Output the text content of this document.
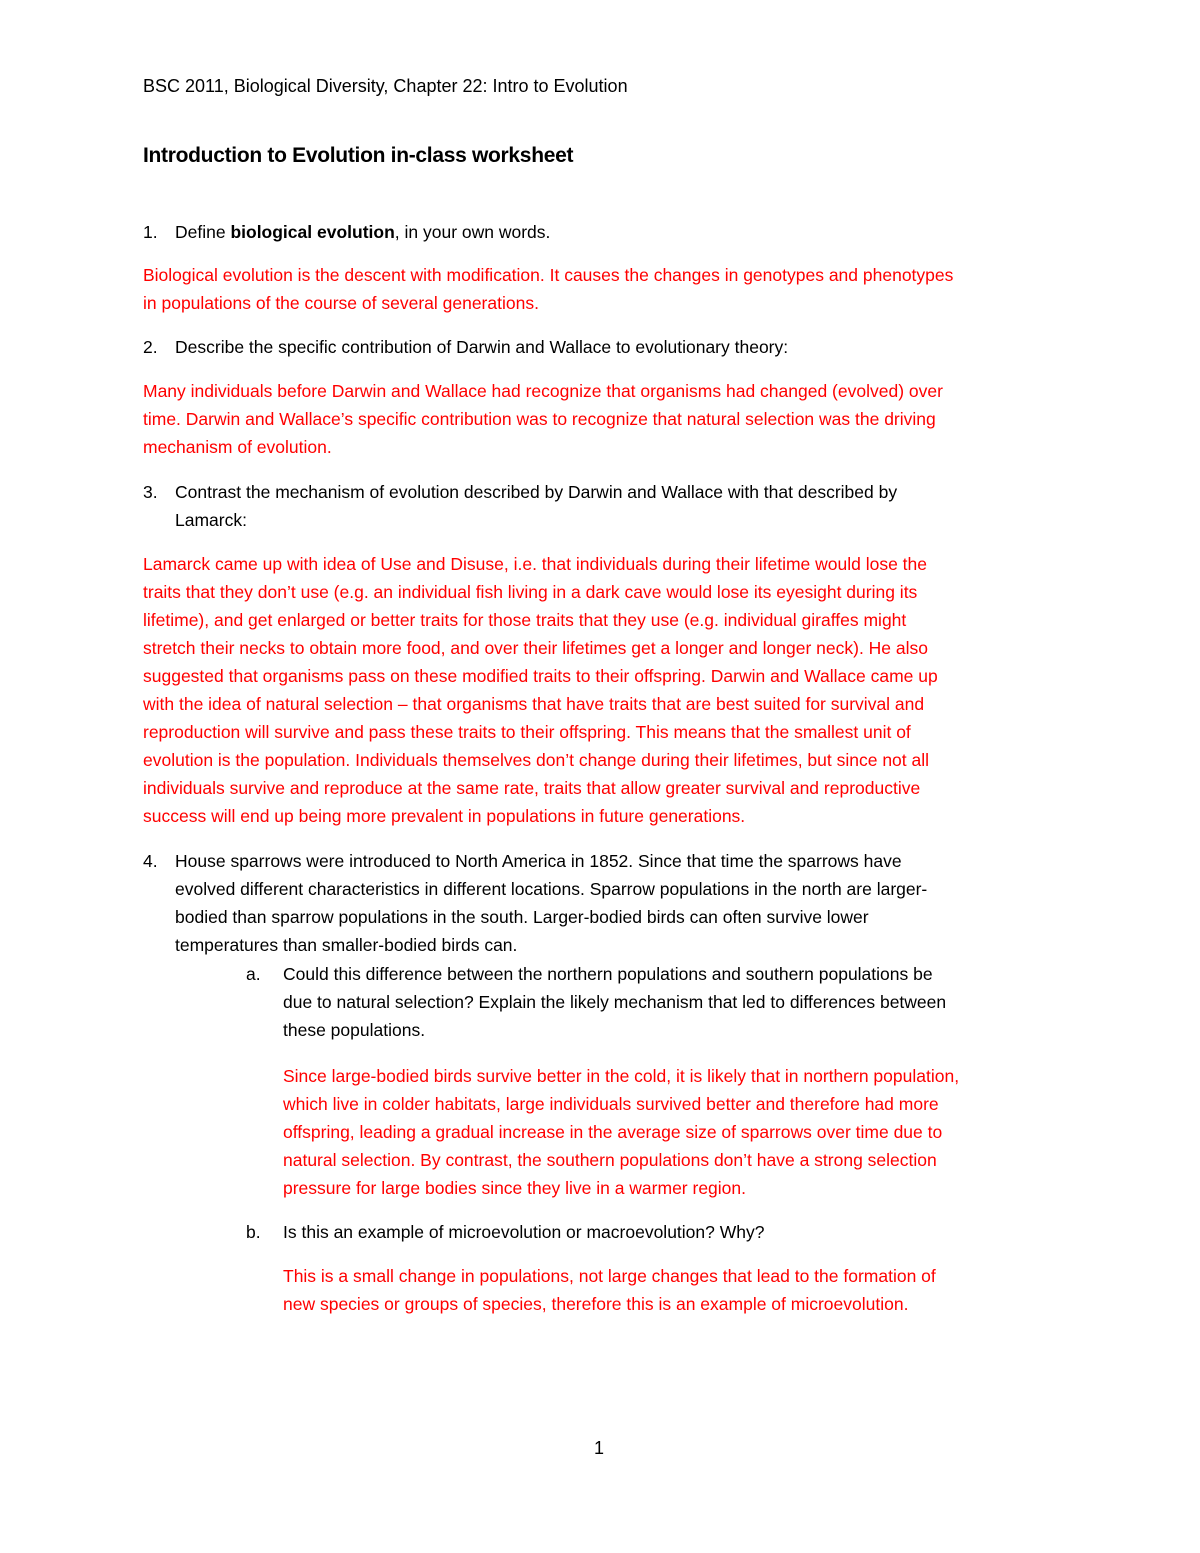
BSC 2011, Biological Diversity, Chapter 22: Intro to Evolution
Introduction to Evolution in-class worksheet
1. Define biological evolution, in your own words.
Biological evolution is the descent with modification. It causes the changes in genotypes and phenotypes
in populations of the course of several generations.
2. Describe the specific contribution of Darwin and Wallace to evolutionary theory:
Many individuals before Darwin and Wallace had recognize that organisms had changed (evolved) over
time. Darwin and Wallace’s specific contribution was to recognize that natural selection was the driving
mechanism of evolution.
3. Contrast the mechanism of evolution described by Darwin and Wallace with that described by
Lamarck:
Lamarck came up with idea of Use and Disuse, i.e. that individuals during their lifetime would lose the
traits that they don’t use (e.g. an individual fish living in a dark cave would lose its eyesight during its
lifetime), and get enlarged or better traits for those traits that they use (e.g. individual giraffes might
stretch their necks to obtain more food, and over their lifetimes get a longer and longer neck). He also
suggested that organisms pass on these modified traits to their offspring. Darwin and Wallace came up
with the idea of natural selection – that organisms that have traits that are best suited for survival and
reproduction will survive and pass these traits to their offspring. This means that the smallest unit of
evolution is the population. Individuals themselves don’t change during their lifetimes, but since not all
individuals survive and reproduce at the same rate, traits that allow greater survival and reproductive
success will end up being more prevalent in populations in future generations.
4. House sparrows were introduced to North America in 1852. Since that time the sparrows have
evolved different characteristics in different locations. Sparrow populations in the north are larger-
bodied than sparrow populations in the south. Larger-bodied birds can often survive lower
temperatures than smaller-bodied birds can.
a. Could this difference between the northern populations and southern populations be
due to natural selection? Explain the likely mechanism that led to differences between
these populations.
Since large-bodied birds survive better in the cold, it is likely that in northern population,
which live in colder habitats, large individuals survived better and therefore had more
offspring, leading a gradual increase in the average size of sparrows over time due to
natural selection. By contrast, the southern populations don’t have a strong selection
pressure for large bodies since they live in a warmer region.
b. Is this an example of microevolution or macroevolution? Why?
This is a small change in populations, not large changes that lead to the formation of
new species or groups of species, therefore this is an example of microevolution.
1
